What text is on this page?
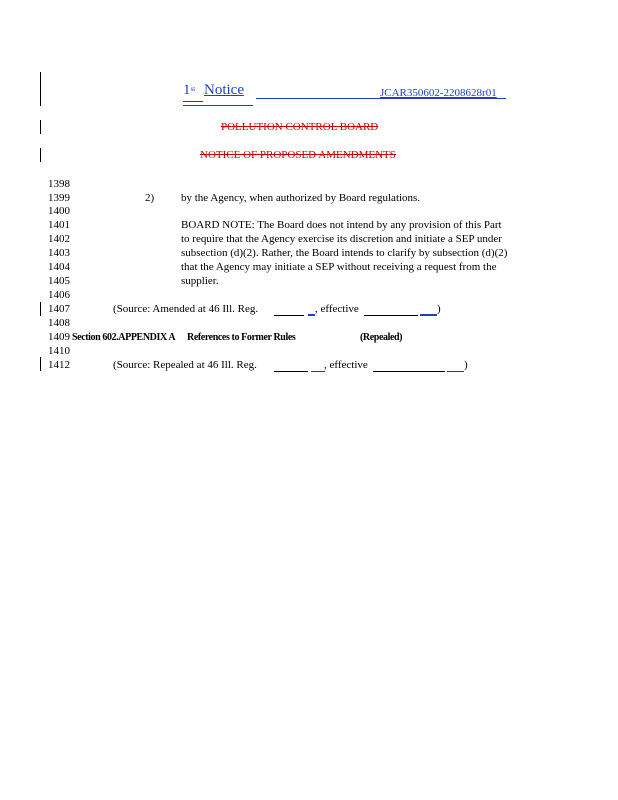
1st Notice	JCAR350602-2208628r01
POLLUTION CONTROL BOARD
NOTICE OF PROPOSED AMENDMENTS
1398
1399
1400
1401
1402
1403
1404
1405
1406
1407
1408
1409
1410
1412
2) by the Agency, when authorized by Board regulations.
BOARD NOTE: The Board does not intend by any provision of this Part
to require that the Agency exercise its discretion and initiate a SEP under
subsection (d)(2). Rather, the Board intends to clarify by subsection (d)(2)
that the Agency may initiate a SEP without receiving a request from the
supplier.
(Source: Amended at 46 Ill. Reg.	, effective	)
Section 602.APPENDIX A References to Former Rules	(Repealed)
(Source: Repealed at 46 Ill. Reg.	, effective	)
